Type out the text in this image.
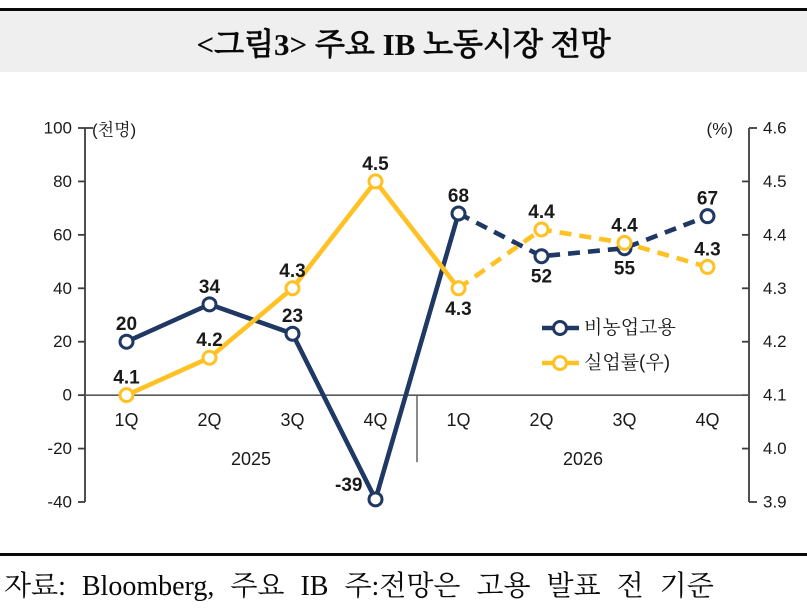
<그림3> 주요 IB 노동시장 전망
100
80
60
40
20
0
-20
-40
(천명)	4.6
4.5
4.4
4.3
4.2
4.1
4.0
3.9
(%)
1Q	2Q	3Q	4Q	1Q	2Q	3Q	4Q
2025	2026
20
34
23
-39
68
52	55
67
4.1
4.2
4.3
4.5
4.3
4.4
4.4
4.3
비농업고용
실업률(우)
자료: Bloomberg, 주요 IB 주:전망은 고용 발표 전 기준
